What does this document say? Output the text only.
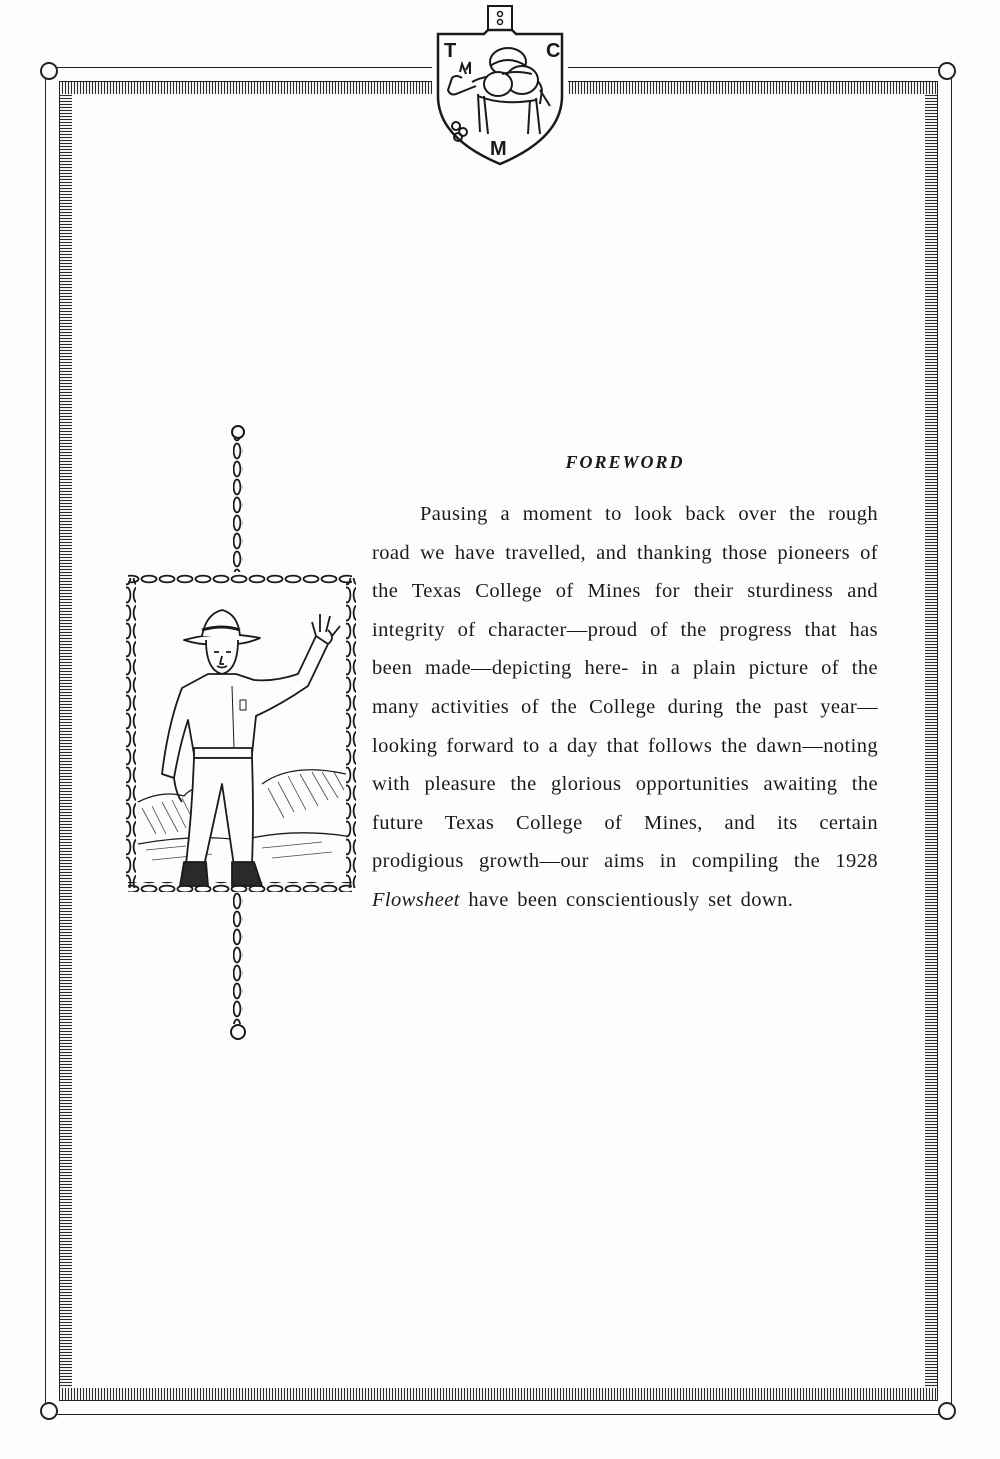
T	C
M
FOREWORD

Pausing a moment to look back over the rough road we have travelled, and thanking those pioneers of the Texas College of Mines for their sturdiness and integrity of character—proud of the progress that has been made—depicting here- in a plain picture of the many activities of the College during the past year—looking forward to a day that follows the dawn—noting with pleasure the glorious opportunities awaiting the future Texas College of Mines, and its certain prodigious growth—our aims in compiling the 1928 Flowsheet have been conscientiously set down.
